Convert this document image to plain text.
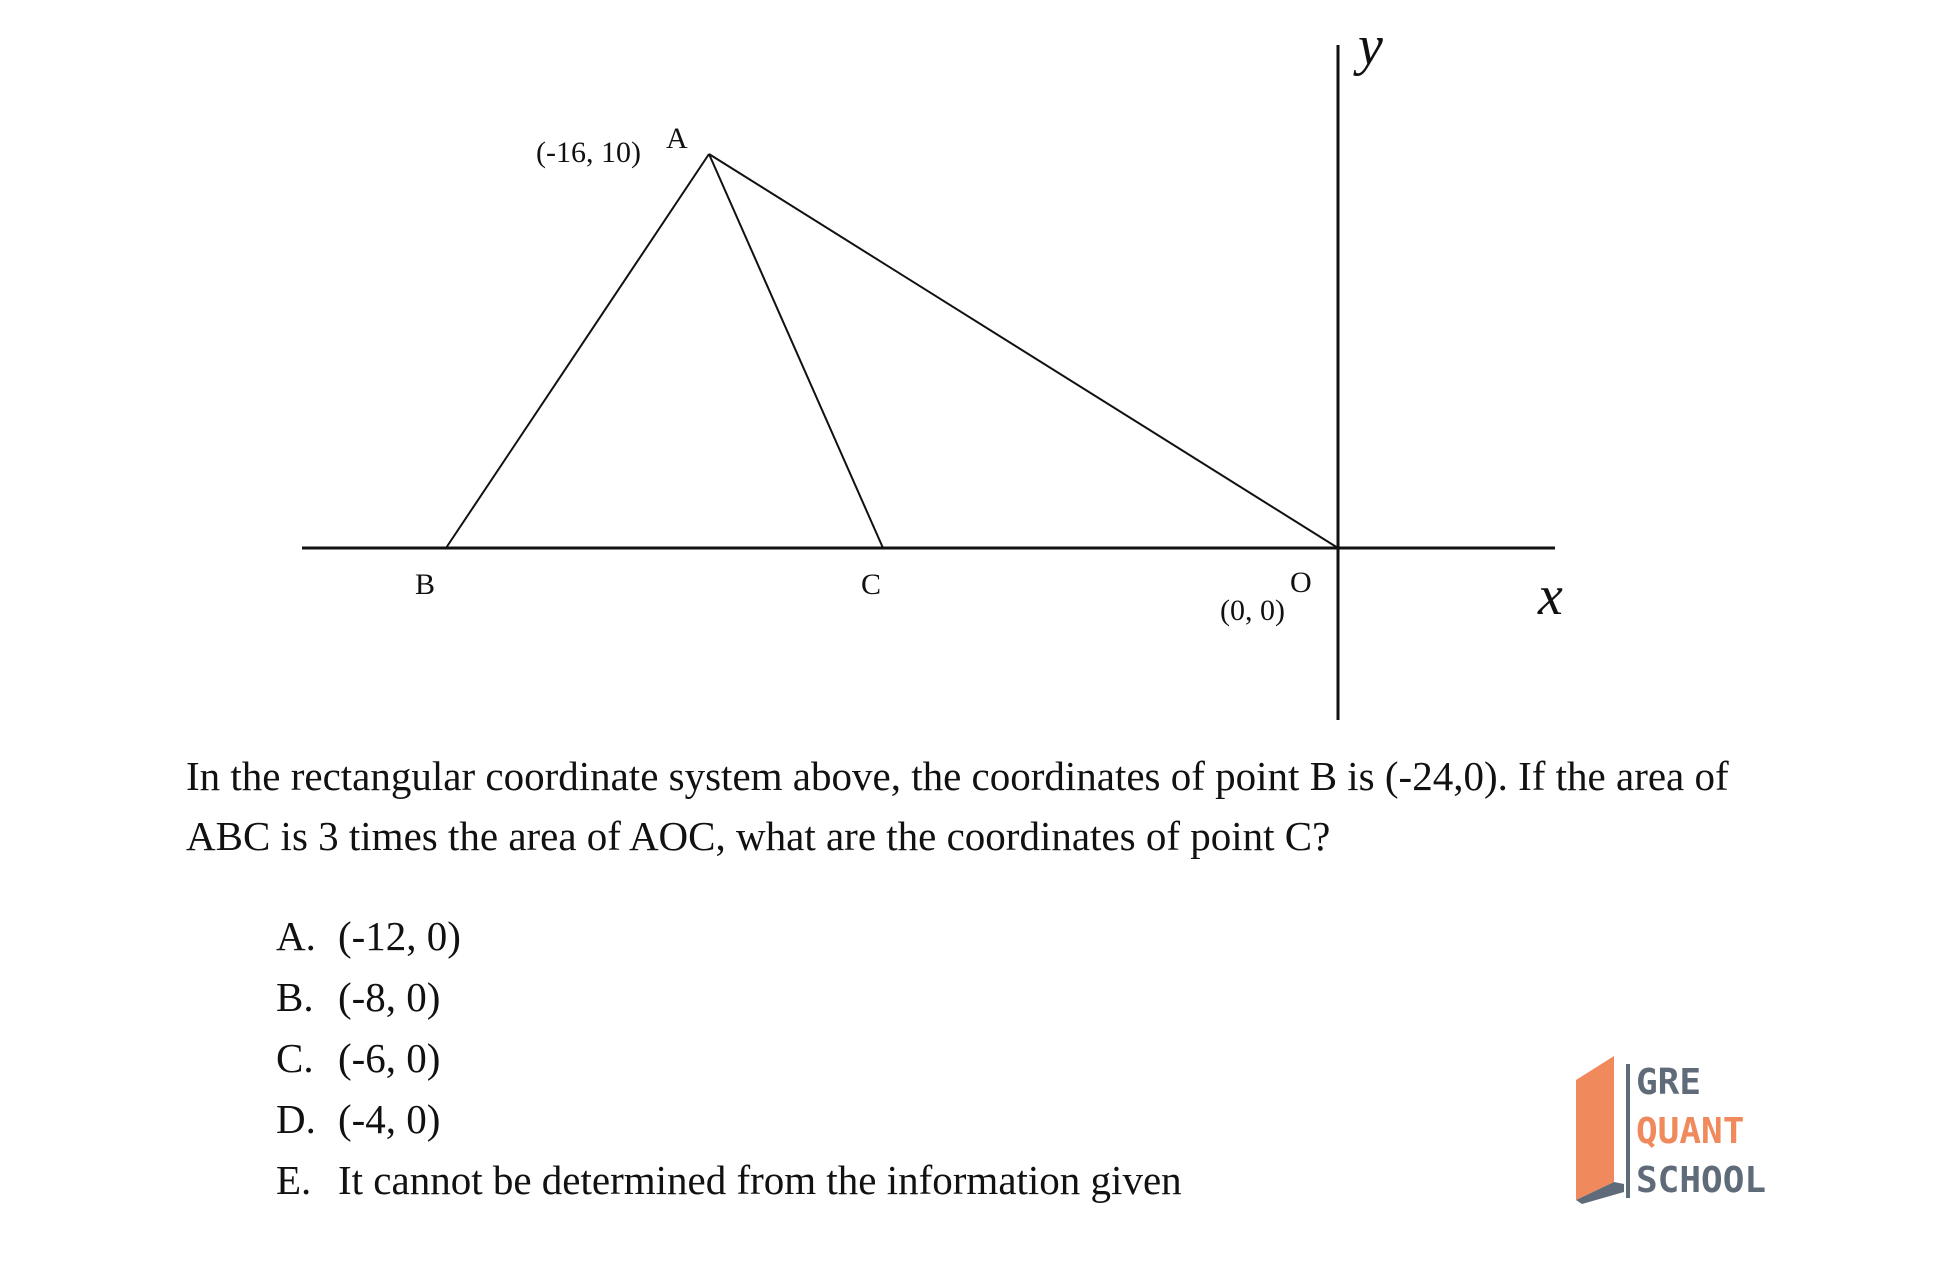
(-16, 10) A
B	C	O
(0, 0)	x
y

In the rectangular coordinate system above, the coordinates of point B is (-24,0). If the area of ABC is 3 times the area of AOC, what are the coordinates of point C?

A. (-12, 0)
B. (-8, 0)
C. (-6, 0)
D. (-4, 0)
E. It cannot be determined from the information given
GRE
QUANT
SCHOOL
